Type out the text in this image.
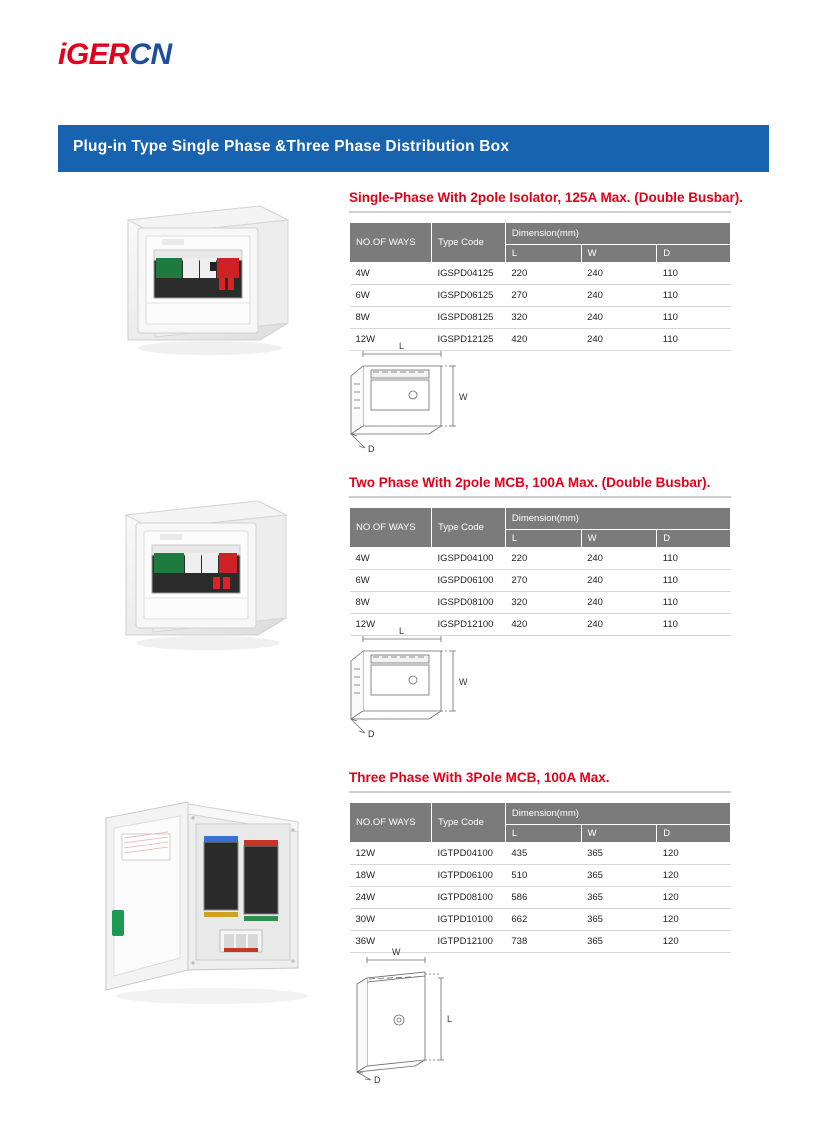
iGERCN
Plug-in Type Single Phase &Three Phase Distribution Box
Single-Phase With 2pole Isolator, 125A Max. (Double Busbar).
NO.OF WAYS	Type Code	Dimension(mm)		
		L	W	D
4W	IGSPD04125	220	240	110
6W	IGSPD06125	270	240	110
8W	IGSPD08125	320	240	110
12W	IGSPD12125	420	240	110
L
W
D
Two Phase With 2pole MCB, 100A Max. (Double Busbar).
NO.OF WAYS	Type Code	Dimension(mm)		
		L	W	D
4W	IGSPD04100	220	240	110
6W	IGSPD06100	270	240	110
8W	IGSPD08100	320	240	110
12W	IGSPD12100	420	240	110
L
W
D
Three Phase With 3Pole MCB, 100A Max.
NO.OF WAYS	Type Code	Dimension(mm)		
		L	W	D
12W	IGTPD04100	435	365	120
18W	IGTPD06100	510	365	120
24W	IGTPD08100	586	365	120
30W	IGTPD10100	662	365	120
36W	IGTPD12100	738	365	120
W
L
D
